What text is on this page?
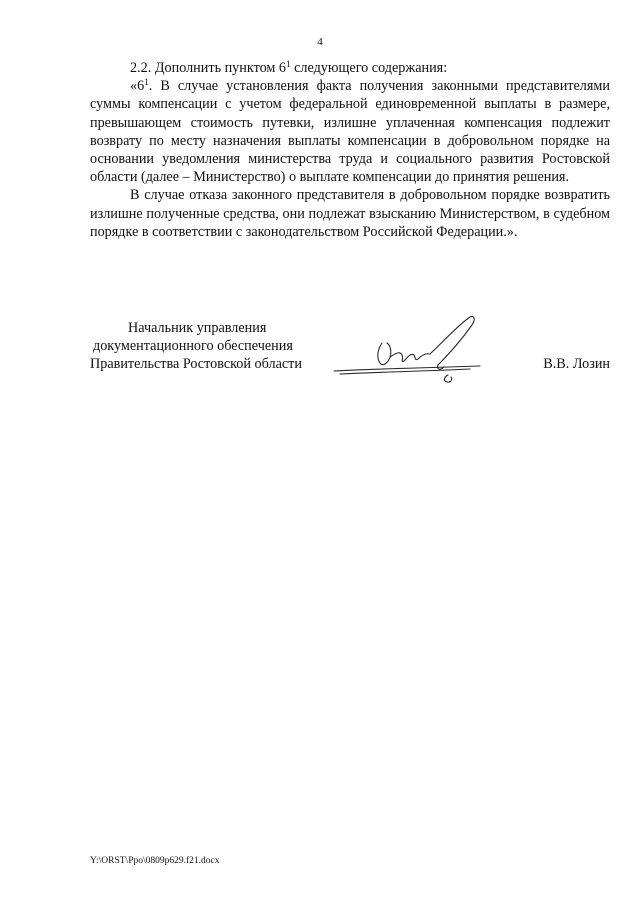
4

2.2. Дополнить пунктом $6^1$ следующего содержания:

«$6^1$. В случае установления факта получения законными представителями суммы компенсации с учетом федеральной единовременной выплаты в размере, превышающем стоимость путевки, излишне уплаченная компенсация подлежит возврату по месту назначения выплаты компенсации в добровольном порядке на основании уведомления министерства труда и социального развития Ростовской области (далее – Министерство) о выплате компенсации до принятия решения.

В случае отказа законного представителя в добровольном порядке возвратить излишне полученные средства, они подлежат взысканию Министерством, в судебном порядке в соответствии с законодательством Российской Федерации.».

Начальник управления
документационного обеспечения
Правительства Ростовской области	В.В. Лозин
Y:\ORST\Ppo\0809p629.f21.docx
